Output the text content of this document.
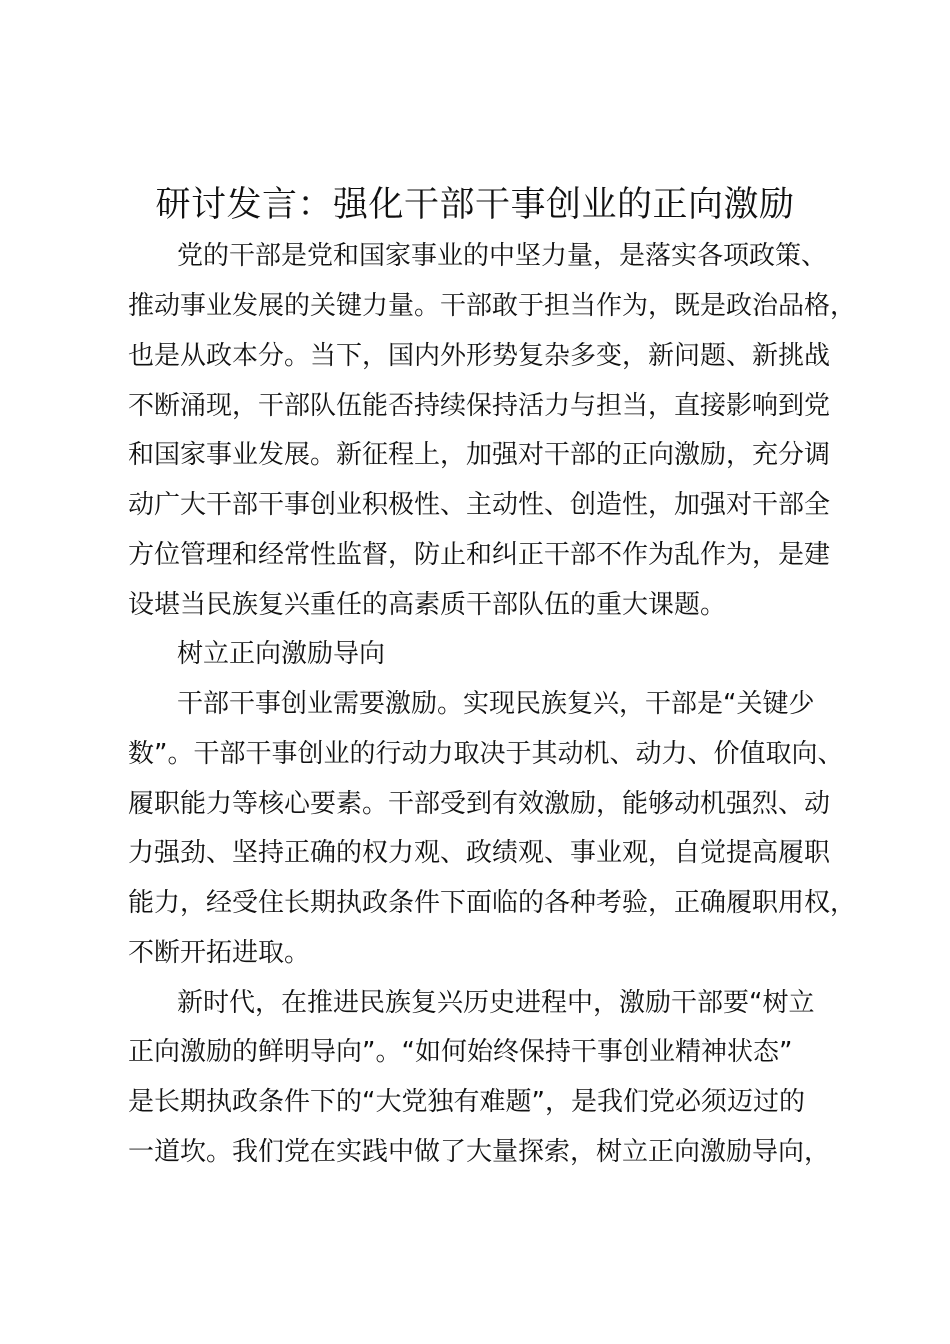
研讨发言：强化干部干事创业的正向激励
党的干部是党和国家事业的中坚力量，是落实各项政策、
推动事业发展的关键力量。干部敢于担当作为，既是政治品格，
也是从政本分。当下，国内外形势复杂多变，新问题、新挑战
不断涌现，干部队伍能否持续保持活力与担当，直接影响到党
和国家事业发展。新征程上，加强对干部的正向激励，充分调
动广大干部干事创业积极性、主动性、创造性，加强对干部全
方位管理和经常性监督，防止和纠正干部不作为乱作为，是建
设堪当民族复兴重任的高素质干部队伍的重大课题。
树立正向激励导向
干部干事创业需要激励。实现民族复兴，干部是“关键少
数”。干部干事创业的行动力取决于其动机、动力、价值取向、
履职能力等核心要素。干部受到有效激励，能够动机强烈、动
力强劲、坚持正确的权力观、政绩观、事业观，自觉提高履职
能力，经受住长期执政条件下面临的各种考验，正确履职用权，
不断开拓进取。
新时代，在推进民族复兴历史进程中，激励干部要“树立
正向激励的鲜明导向”。“如何始终保持干事创业精神状态”
是长期执政条件下的“大党独有难题”，是我们党必须迈过的
一道坎。我们党在实践中做了大量探索，树立正向激励导向，
